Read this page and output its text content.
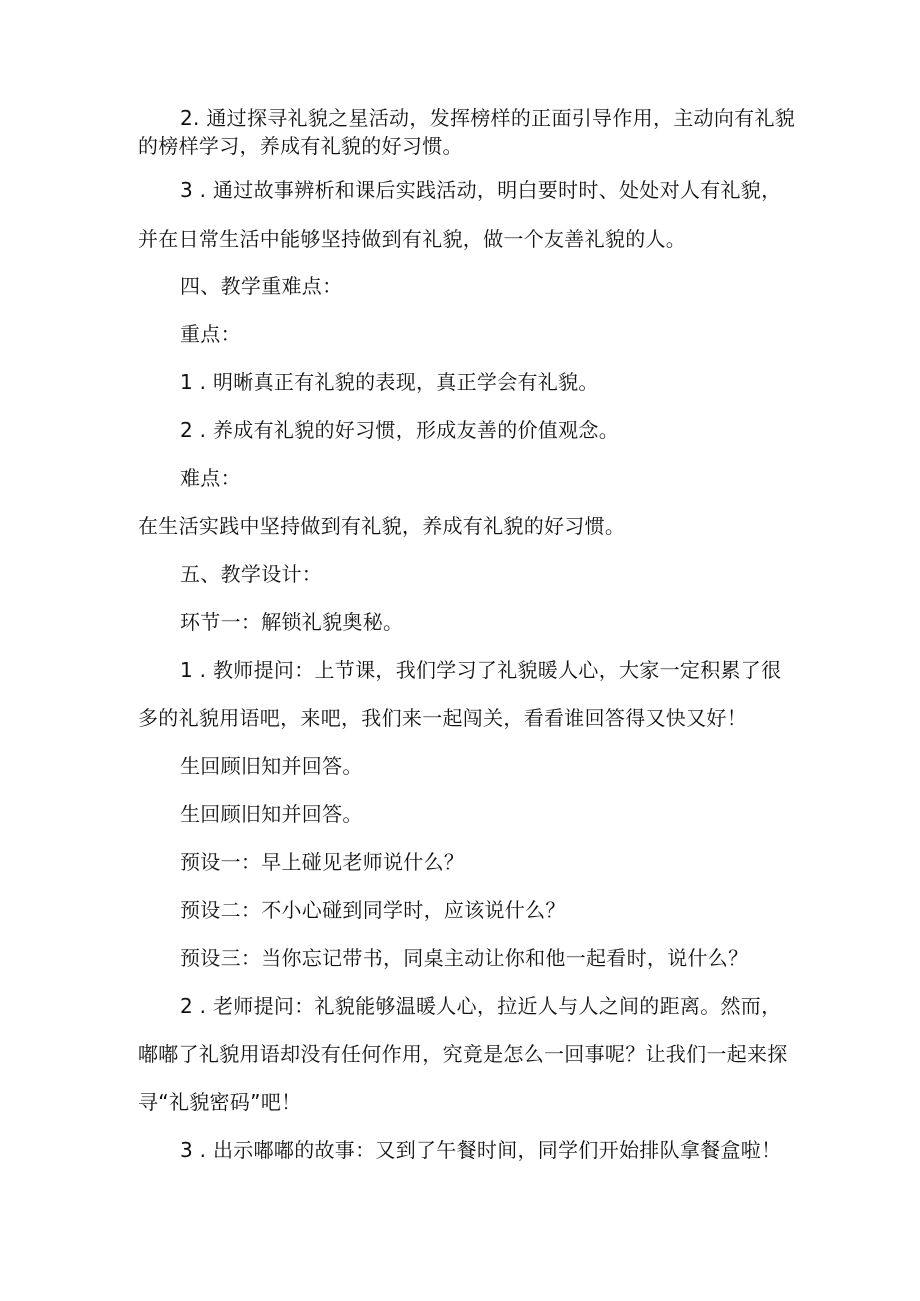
2. 通过探寻礼貌之星活动，发挥榜样的正面引导作用，主动向有礼貌
的榜样学习，养成有礼貌的好习惯。
3 . 通过故事辨析和课后实践活动，明白要时时、处处对人有礼貌，
并在日常生活中能够坚持做到有礼貌，做一个友善礼貌的人。
四、教学重难点：
重点：
1 . 明晰真正有礼貌的表现，真正学会有礼貌。
2 . 养成有礼貌的好习惯，形成友善的价值观念。
难点：
在生活实践中坚持做到有礼貌，养成有礼貌的好习惯。
五、教学设计：
环节一：解锁礼貌奥秘。
1 . 教师提问：上节课，我们学习了礼貌暖人心，大家一定积累了很
多的礼貌用语吧，来吧，我们来一起闯关，看看谁回答得又快又好！
生回顾旧知并回答。
生回顾旧知并回答。
预设一：早上碰见老师说什么？
预设二：不小心碰到同学时，应该说什么？
预设三：当你忘记带书，同桌主动让你和他一起看时，说什么？
2 . 老师提问：礼貌能够温暖人心，拉近人与人之间的距离。然而，
嘟嘟了礼貌用语却没有任何作用，究竟是怎么一回事呢？让我们一起来探
寻“礼貌密码”吧！
3 . 出示嘟嘟的故事：又到了午餐时间，同学们开始排队拿餐盒啦！
